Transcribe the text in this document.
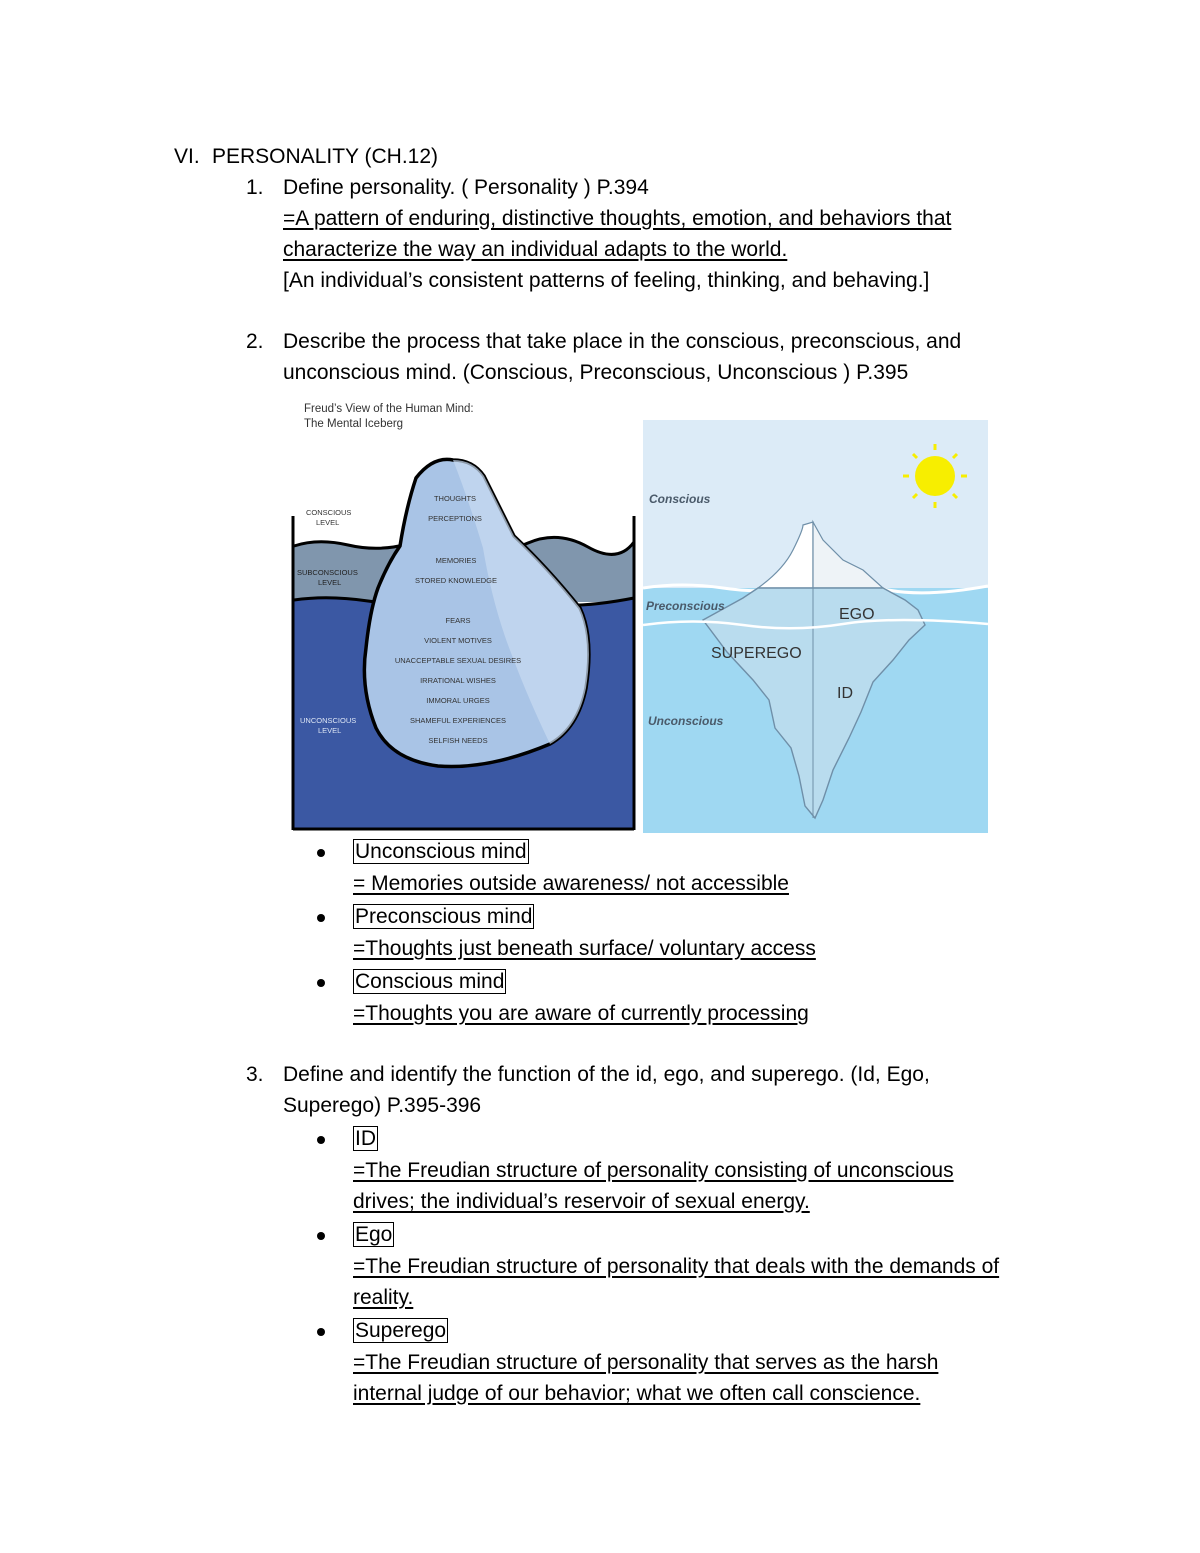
VI. PERSONALITY (CH.12)
1. Define personality. ( Personality ) P.394
=A pattern of enduring, distinctive thoughts, emotion, and behaviors that
characterize the way an individual adapts to the world.
[An individual’s consistent patterns of feeling, thinking, and behaving.]
2. Describe the process that take place in the conscious, preconscious, and
unconscious mind. (Conscious, Preconscious, Unconscious ) P.395
Freud’s View of the Human Mind:
The Mental Iceberg
CONSCIOUS
LEVEL
SUBCONSCIOUS
LEVEL
UNCONSCIOUS
LEVEL
THOUGHTS
PERCEPTIONS
MEMORIES
STORED KNOWLEDGE
FEARS
VIOLENT MOTIVES
UNACCEPTABLE SEXUAL DESIRES
IRRATIONAL WISHES
IMMORAL URGES
SHAMEFUL EXPERIENCES
SELFISH NEEDS
Conscious
Preconscious
Unconscious
EGO
SUPEREGO
ID
Unconscious mind
= Memories outside awareness/ not accessible
Preconscious mind
=Thoughts just beneath surface/ voluntary access
Conscious mind
=Thoughts you are aware of currently processing
3. Define and identify the function of the id, ego, and superego. (Id, Ego,
Superego) P.395-396
ID
=The Freudian structure of personality consisting of unconscious
drives; the individual’s reservoir of sexual energy.
Ego
=The Freudian structure of personality that deals with the demands of
reality.
Superego
=The Freudian structure of personality that serves as the harsh
internal judge of our behavior; what we often call conscience.
